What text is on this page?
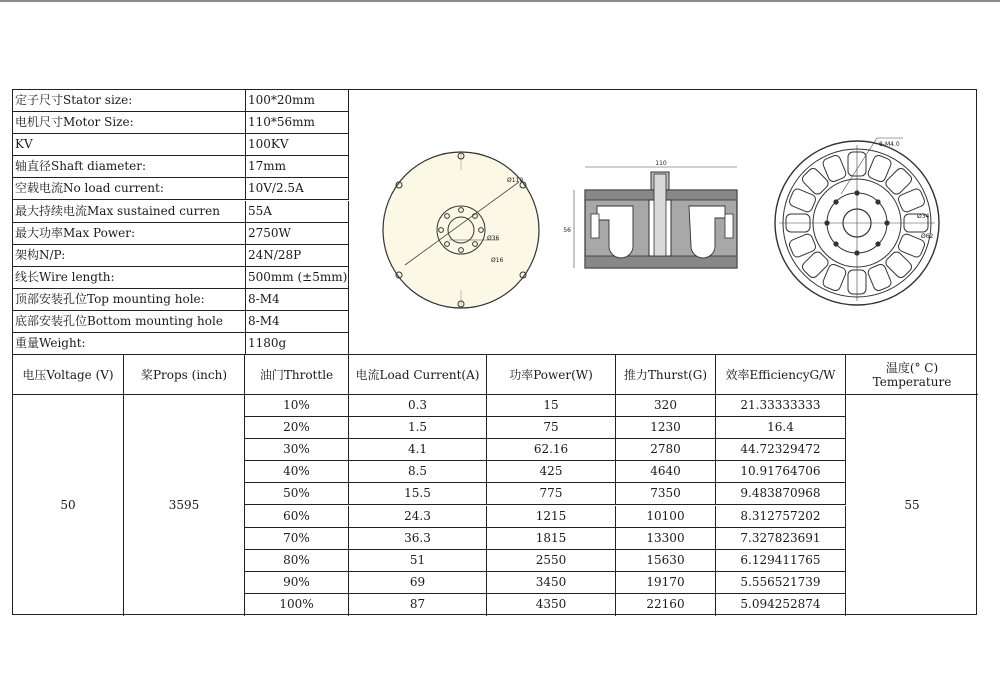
Ø110
Ø36
Ø16
110
56
8-M4.0
Ø34
Ø62
定子尺寸Stator size:	100*20mm
电机尺寸Motor Size:	110*56mm
KV	100KV
轴直径Shaft diameter:	17mm
空载电流No load current:	10V/2.5A
最大持续电流Max sustained curren	55A
最大功率Max Power:	2750W
架构N/P:	24N/28P
线长Wire length:	500mm (±5mm)
顶部安装孔位Top mounting hole:	8-M4
底部安装孔位Bottom mounting hole	8-M4
重量Weight:	1180g
电压Voltage (V)	桨Props (inch)	油门Throttle	电流Load Current(A)	功率Power(W)	推力Thurst(G)	效率EfficiencyG/W	温度(° C) Temperature
50	3595	55
10%	0.3	15	320	21.33333333
20%	1.5	75	1230	16.4
30%	4.1	62.16	2780	44.72329472
40%	8.5	425	4640	10.91764706
50%	15.5	775	7350	9.483870968
60%	24.3	1215	10100	8.312757202
70%	36.3	1815	13300	7.327823691
80%	51	2550	15630	6.129411765
90%	69	3450	19170	5.556521739
100%	87	4350	22160	5.094252874
